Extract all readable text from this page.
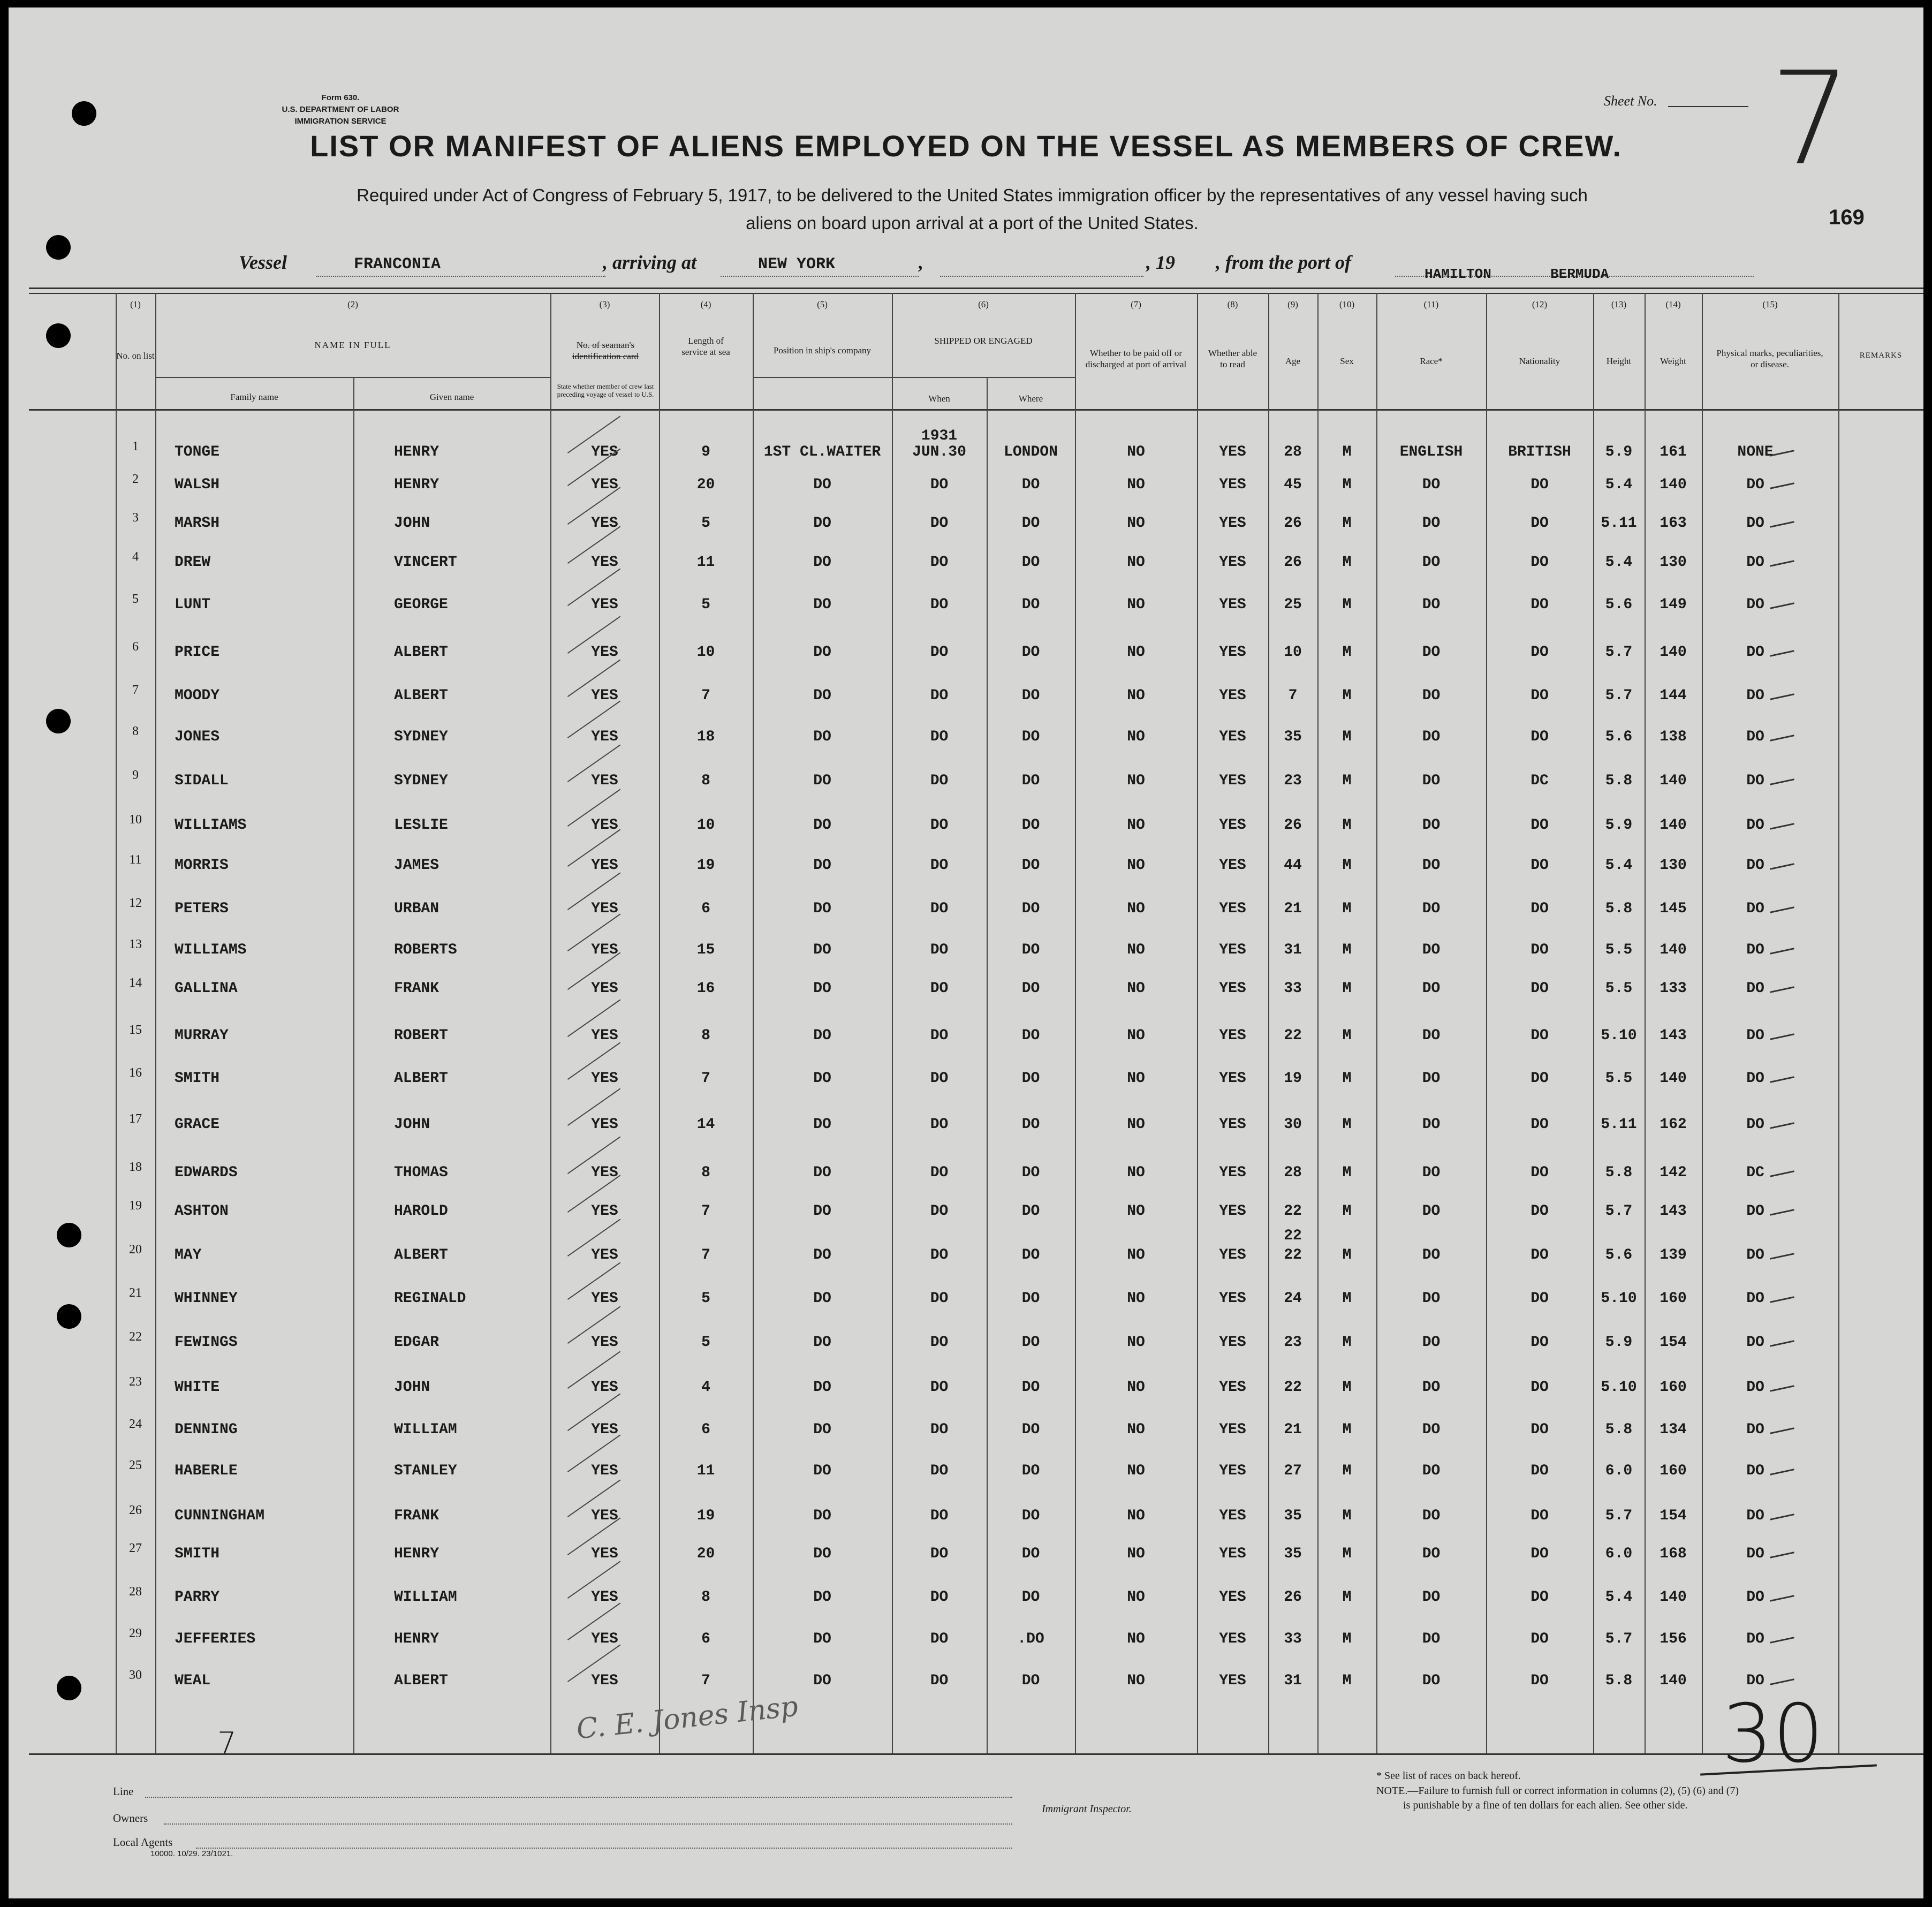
Form 630.
U.S. DEPARTMENT OF LABOR
IMMIGRATION SERVICE
Sheet No. 7
169
LIST OR MANIFEST OF ALIENS EMPLOYED ON THE VESSEL AS MEMBERS OF CREW.
Required under Act of Congress of February 5, 1917, to be delivered to the United States immigration officer by the representatives of any vessel having such
aliens on board upon arrival at a port of the United States.
Vessel	FRANCONIA	, arriving at	NEW YORK	,	, 19 , from the port of
HAMILTON	BERMUDA
(1)
No. on list
(2)
NAME IN FULL
Family name	Given name
(3)
No. of seaman's identification card
State whether member of crew last preceding voyage of vessel to U.S.
(4)
Length of service at sea
(5)
Position in ship's company
(6)
SHIPPED OR ENGAGED
When	Where
(7)
Whether to be paid off or discharged at port of arrival
(8)
Whether able to read
(9)
Age
(10)
Sex
(11)
Race*
(12)
Nationality
(13)
Height
(14)
Weight
(15)
Physical marks, peculiarities, or disease.
REMARKS
1931
1	TONGE	HENRY	YES	9	1ST CL.WAITER	JUN.30	LONDON	NO	YES	28	M	ENGLISH	BRITISH	5.9	161	NONE
2	WALSH	HENRY	YES	20	DO	DO	DO	NO	YES	45	M	DO	DO	5.4	140	DO
3	MARSH	JOHN	YES	5	DO	DO	DO	NO	YES	26	M	DO	DO	5.11	163	DO
4	DREW	VINCERT	YES	11	DO	DO	DO	NO	YES	26	M	DO	DO	5.4	130	DO
5	LUNT	GEORGE	YES	5	DO	DO	DO	NO	YES	25	M	DO	DO	5.6	149	DO
6	PRICE	ALBERT	YES	10	DO	DO	DO	NO	YES	10	M	DO	DO	5.7	140	DO
7	MOODY	ALBERT	YES	7	DO	DO	DO	NO	YES	7	M	DO	DO	5.7	144	DO
8	JONES	SYDNEY	YES	18	DO	DO	DO	NO	YES	35	M	DO	DO	5.6	138	DO
9	SIDALL	SYDNEY	YES	8	DO	DO	DO	NO	YES	23	M	DO	DC	5.8	140	DO
10	WILLIAMS	LESLIE	YES	10	DO	DO	DO	NO	YES	26	M	DO	DO	5.9	140	DO
11	MORRIS	JAMES	YES	19	DO	DO	DO	NO	YES	44	M	DO	DO	5.4	130	DO
12	PETERS	URBAN	YES	6	DO	DO	DO	NO	YES	21	M	DO	DO	5.8	145	DO
13	WILLIAMS	ROBERTS	YES	15	DO	DO	DO	NO	YES	31	M	DO	DO	5.5	140	DO
14	GALLINA	FRANK	YES	16	DO	DO	DO	NO	YES	33	M	DO	DO	5.5	133	DO
15	MURRAY	ROBERT	YES	8	DO	DO	DO	NO	YES	22	M	DO	DO	5.10	143	DO
16	SMITH	ALBERT	YES	7	DO	DO	DO	NO	YES	19	M	DO	DO	5.5	140	DO
17	GRACE	JOHN	YES	14	DO	DO	DO	NO	YES	30	M	DO	DO	5.11	162	DO
18	EDWARDS	THOMAS	YES	8	DO	DO	DO	NO	YES	28	M	DO	DO	5.8	142	DC
19	ASHTON	HAROLD	YES	7	DO	DO	DO	NO	YES	22	M	DO	DO	5.7	143	DO
20	MAY	ALBERT	YES	7	DO	DO	DO	NO	YES	22	M	DO	DO	5.6	139	DO
22
21	WHINNEY	REGINALD	YES	5	DO	DO	DO	NO	YES	24	M	DO	DO	5.10	160	DO
22	FEWINGS	EDGAR	YES	5	DO	DO	DO	NO	YES	23	M	DO	DO	5.9	154	DO
23	WHITE	JOHN	YES	4	DO	DO	DO	NO	YES	22	M	DO	DO	5.10	160	DO
24	DENNING	WILLIAM	YES	6	DO	DO	DO	NO	YES	21	M	DO	DO	5.8	134	DO
25	HABERLE	STANLEY	YES	11	DO	DO	DO	NO	YES	27	M	DO	DO	6.0	160	DO
26	CUNNINGHAM	FRANK	YES	19	DO	DO	DO	NO	YES	35	M	DO	DO	5.7	154	DO
27	SMITH	HENRY	YES	20	DO	DO	DO	NO	YES	35	M	DO	DO	6.0	168	DO
28	PARRY	WILLIAM	YES	8	DO	DO	DO	NO	YES	26	M	DO	DO	5.4	140	DO
29	JEFFERIES	HENRY	YES	6	DO	DO	.DO	NO	YES	33	M	DO	DO	5.7	156	DO
30	WEAL	ALBERT	YES	7	DO	DO	DO	NO	YES	31	M	DO	DO	5.8	140	DO
Line
Owners
Local Agents
10000. 10/29. 23/1021.
Immigrant Inspector.
* See list of races on back hereof.
NOTE.—Failure to furnish full or correct information in columns (2), (5) (6) and (7)
is punishable by a fine of ten dollars for each alien. See other side.
C. E. Jones Insp
7	30
